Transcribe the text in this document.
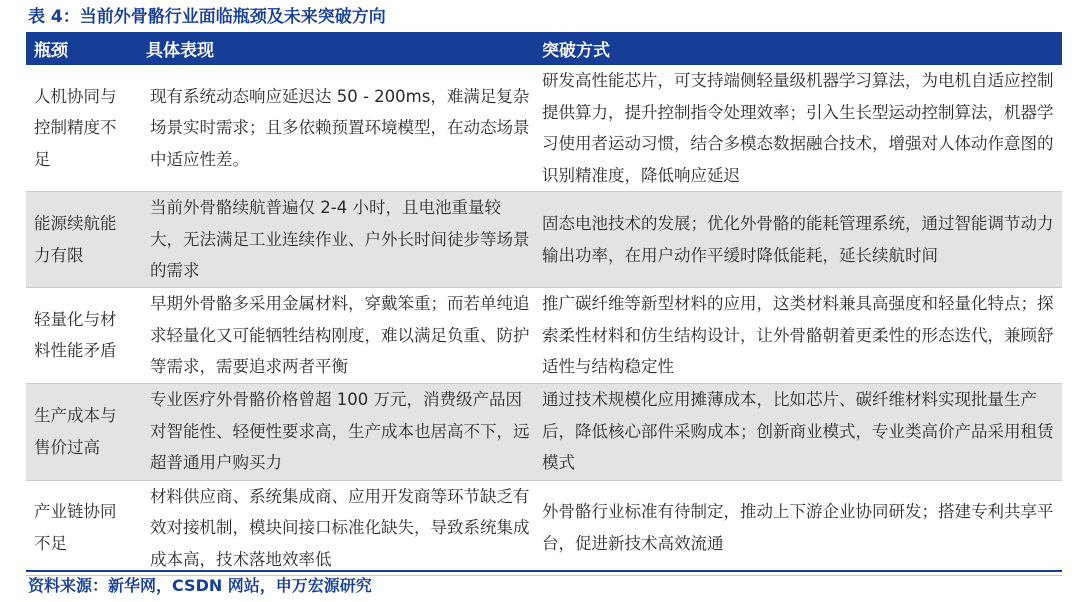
表 4：当前外骨骼行业面临瓶颈及未来突破方向
瓶颈	具体表现	突破方式
人机协同与控制精度不足	现有系统动态响应延迟达 50 - 200ms，难满足复杂场景实时需求；且多依赖预置环境模型，在动态场景中适应性差。	研发高性能芯片，可支持端侧轻量级机器学习算法，为电机自适应控制提供算力，提升控制指令处理效率；引入生长型运动控制算法，机器学习使用者运动习惯，结合多模态数据融合技术，增强对人体动作意图的识别精准度，降低响应延迟
能源续航能力有限	当前外骨骼续航普遍仅 2-4 小时，且电池重量较大，无法满足工业连续作业、户外长时间徒步等场景的需求	固态电池技术的发展；优化外骨骼的能耗管理系统，通过智能调节动力输出功率，在用户动作平缓时降低能耗，延长续航时间
轻量化与材料性能矛盾	早期外骨骼多采用金属材料，穿戴笨重；而若单纯追求轻量化又可能牺牲结构刚度，难以满足负重、防护等需求，需要追求两者平衡	推广碳纤维等新型材料的应用，这类材料兼具高强度和轻量化特点；探索柔性材料和仿生结构设计，让外骨骼朝着更柔性的形态迭代，兼顾舒适性与结构稳定性
生产成本与售价过高	专业医疗外骨骼价格曾超 100 万元，消费级产品因对智能性、轻便性要求高，生产成本也居高不下，远超普通用户购买力	通过技术规模化应用摊薄成本，比如芯片、碳纤维材料实现批量生产后，降低核心部件采购成本；创新商业模式，专业类高价产品采用租赁模式
产业链协同不足	材料供应商、系统集成商、应用开发商等环节缺乏有效对接机制，模块间接口标准化缺失，导致系统集成成本高，技术落地效率低	外骨骼行业标准有待制定，推动上下游企业协同研发；搭建专利共享平台，促进新技术高效流通
资料来源：新华网，CSDN 网站，申万宏源研究
